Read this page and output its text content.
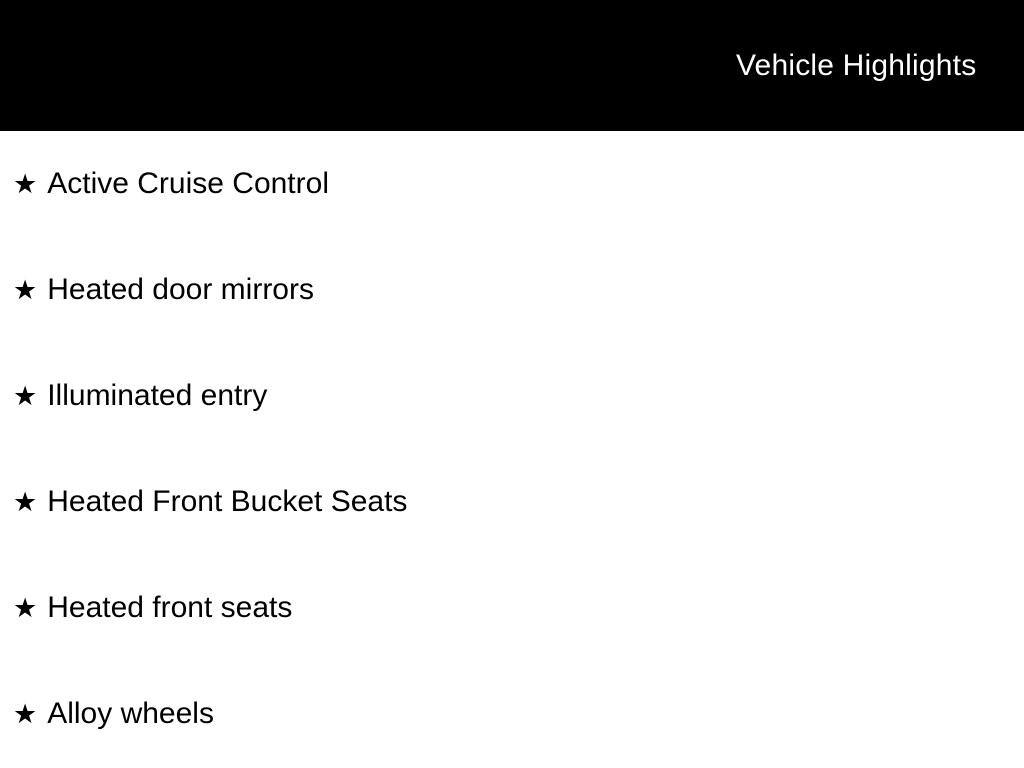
Vehicle Highlights
★ Active Cruise Control
★ Heated door mirrors
★ Illuminated entry
★ Heated Front Bucket Seats
★ Heated front seats
★ Alloy wheels
